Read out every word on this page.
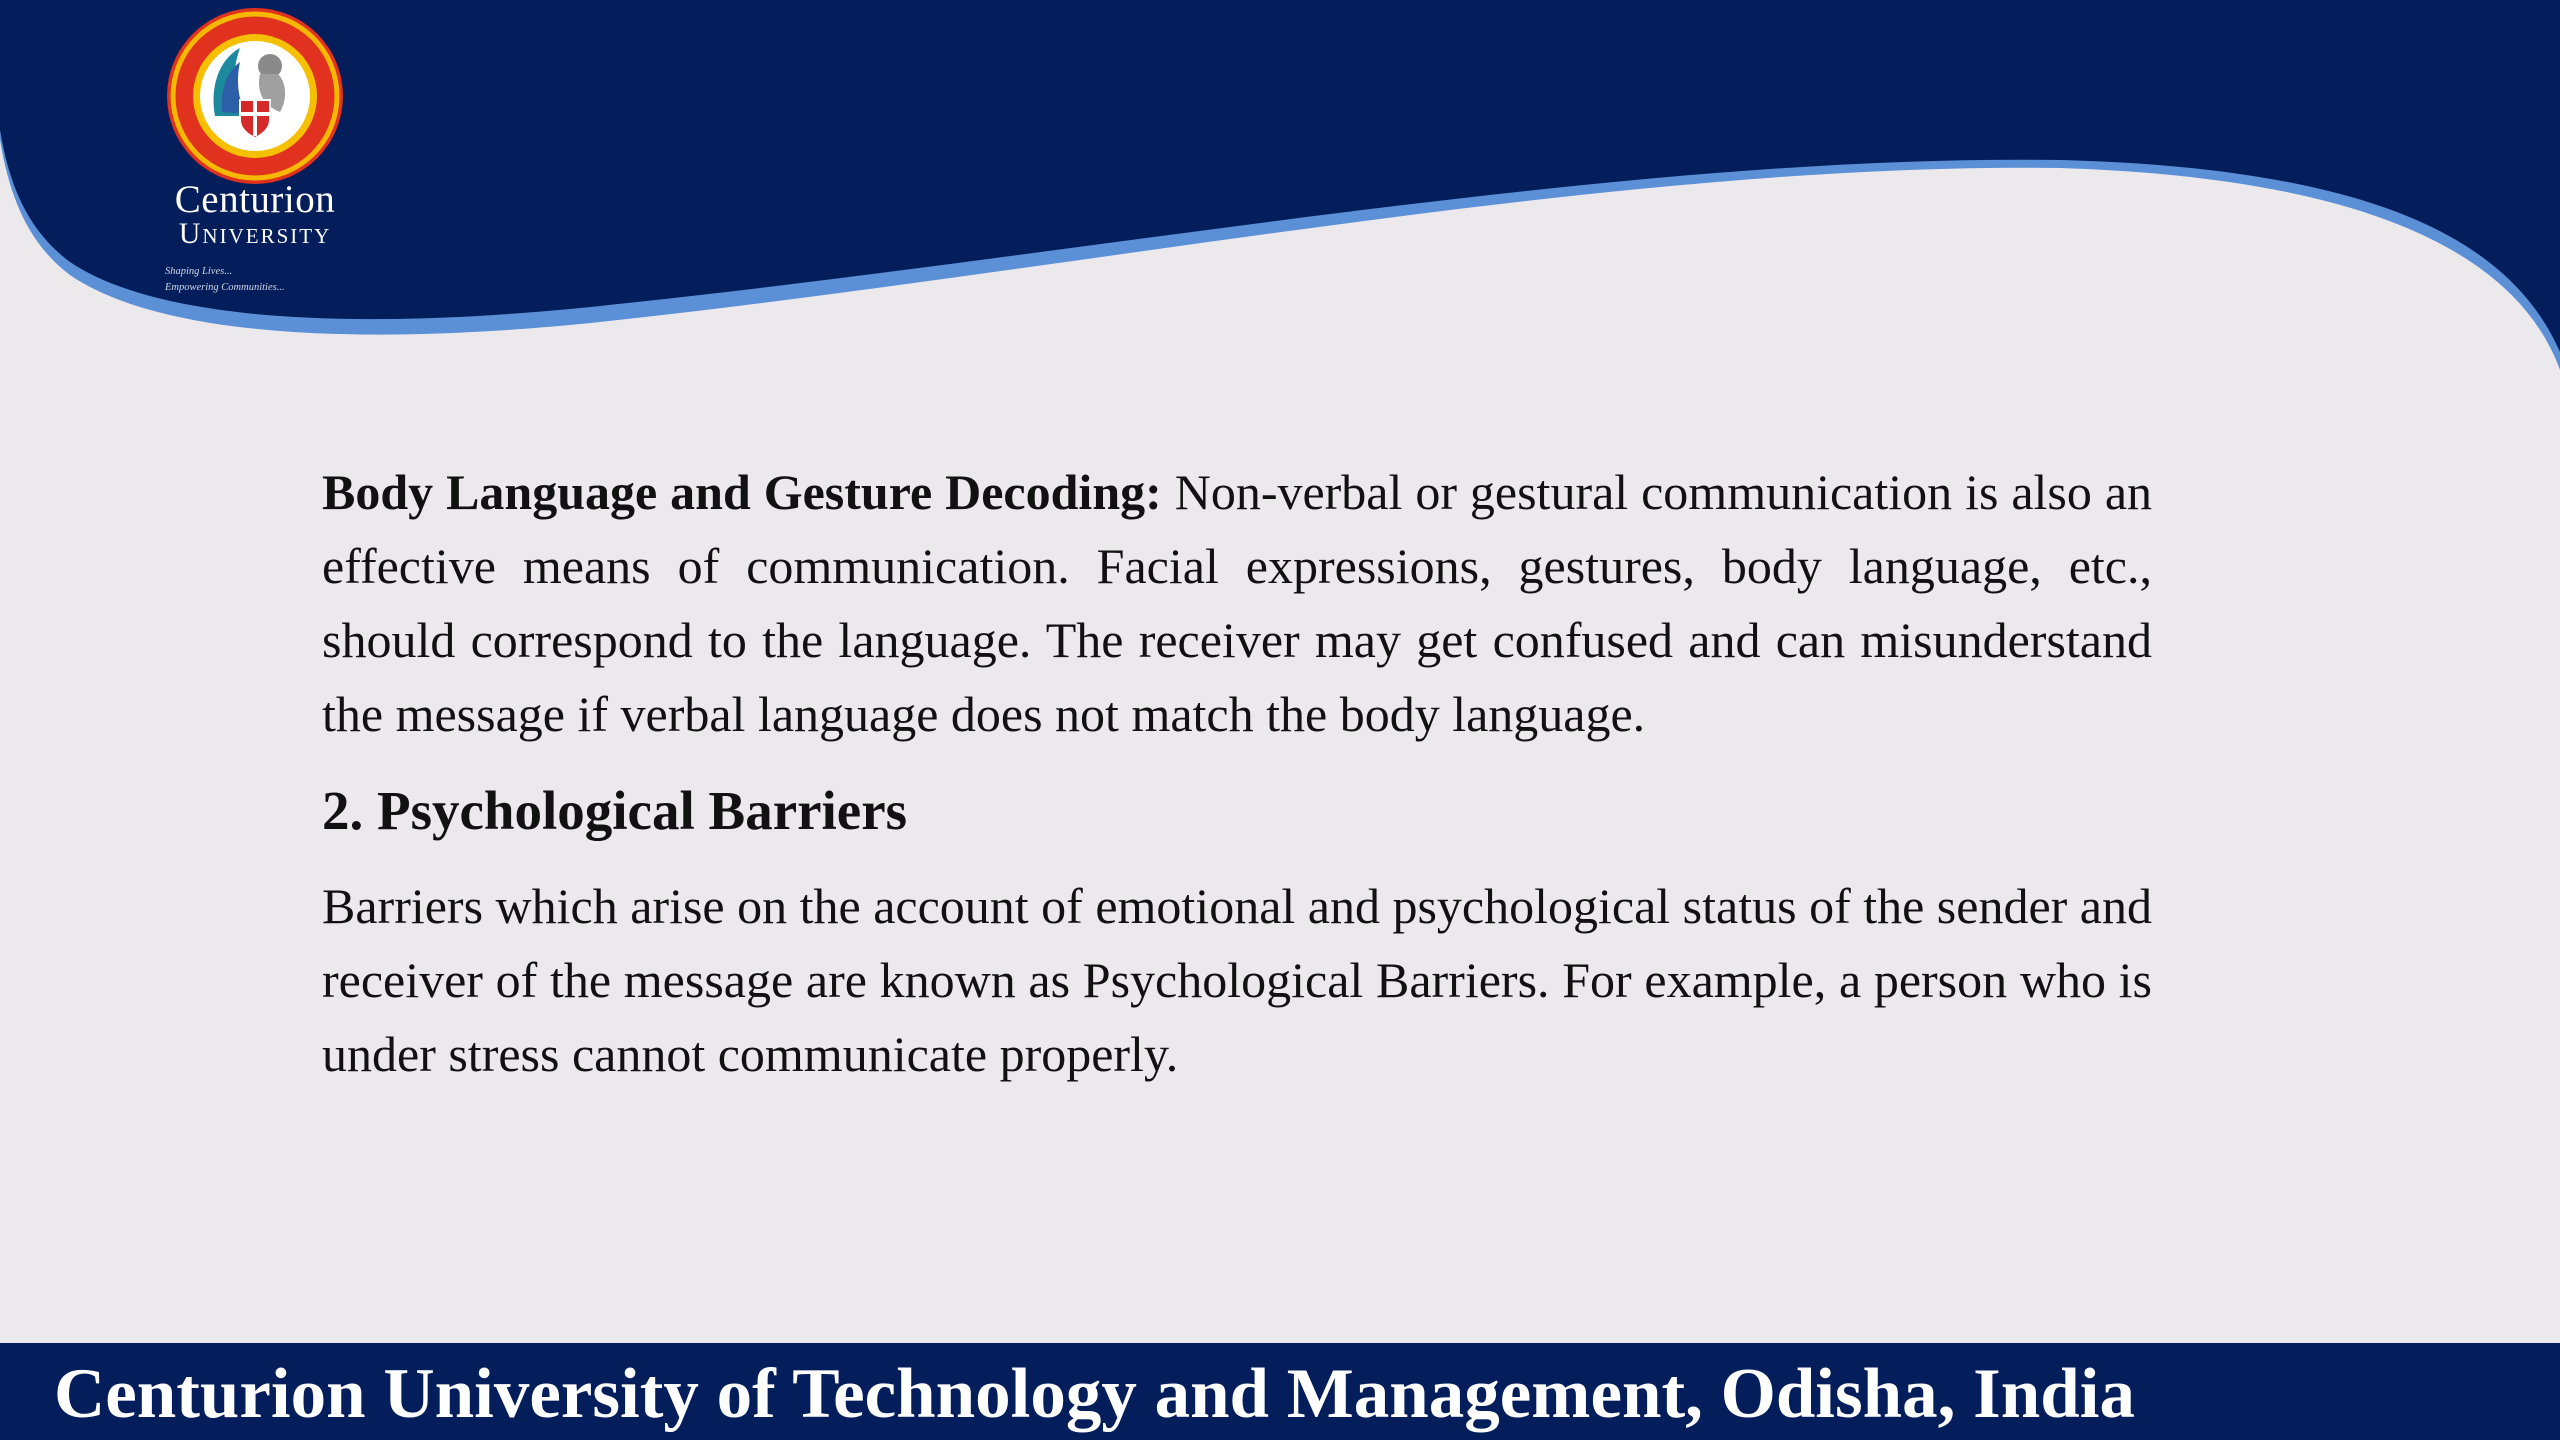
Centurion
University
Shaping Lives...
Empowering Communities...

Body Language and Gesture Decoding: Non-verbal or gestural communication is also an effective means of communication. Facial expressions, gestures, body language, etc., should correspond to the language. The receiver may get confused and can misunderstand the message if verbal language does not match the body language.

2. Psychological Barriers

Barriers which arise on the account of emotional and psychological status of the sender and receiver of the message are known as Psychological Barriers. For example, a person who is under stress cannot communicate properly.

Centurion University of Technology and Management, Odisha, India
